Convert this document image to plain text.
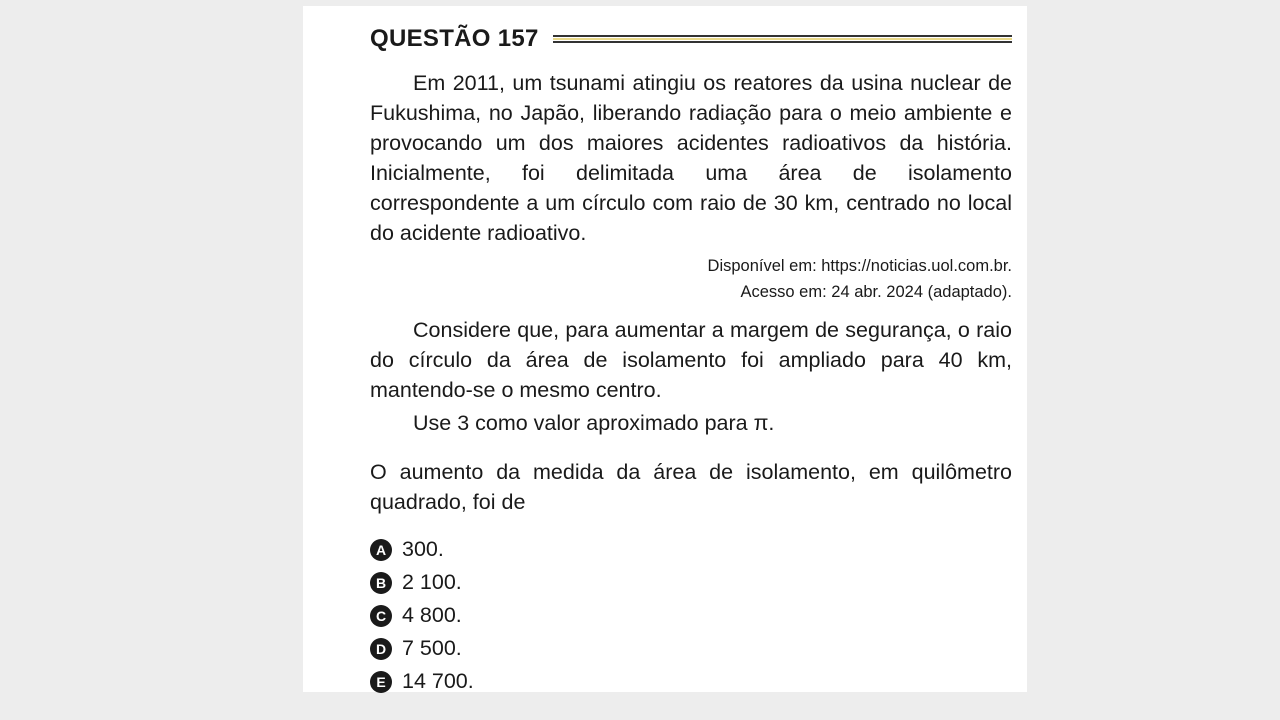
QUESTÃO 157
Em 2011, um tsunami atingiu os reatores da usina nuclear de Fukushima, no Japão, liberando radiação para o meio ambiente e provocando um dos maiores acidentes radioativos da história. Inicialmente, foi delimitada uma área de isolamento correspondente a um círculo com raio de 30 km, centrado no local do acidente radioativo.
Disponível em: https://noticias.uol.com.br.
Acesso em: 24 abr. 2024 (adaptado).
Considere que, para aumentar a margem de segurança, o raio do círculo da área de isolamento foi ampliado para 40 km, mantendo-se o mesmo centro.
Use 3 como valor aproximado para π.
O aumento da medida da área de isolamento, em quilômetro quadrado, foi de
A 300.
B 2 100.
C 4 800.
D 7 500.
E 14 700.
